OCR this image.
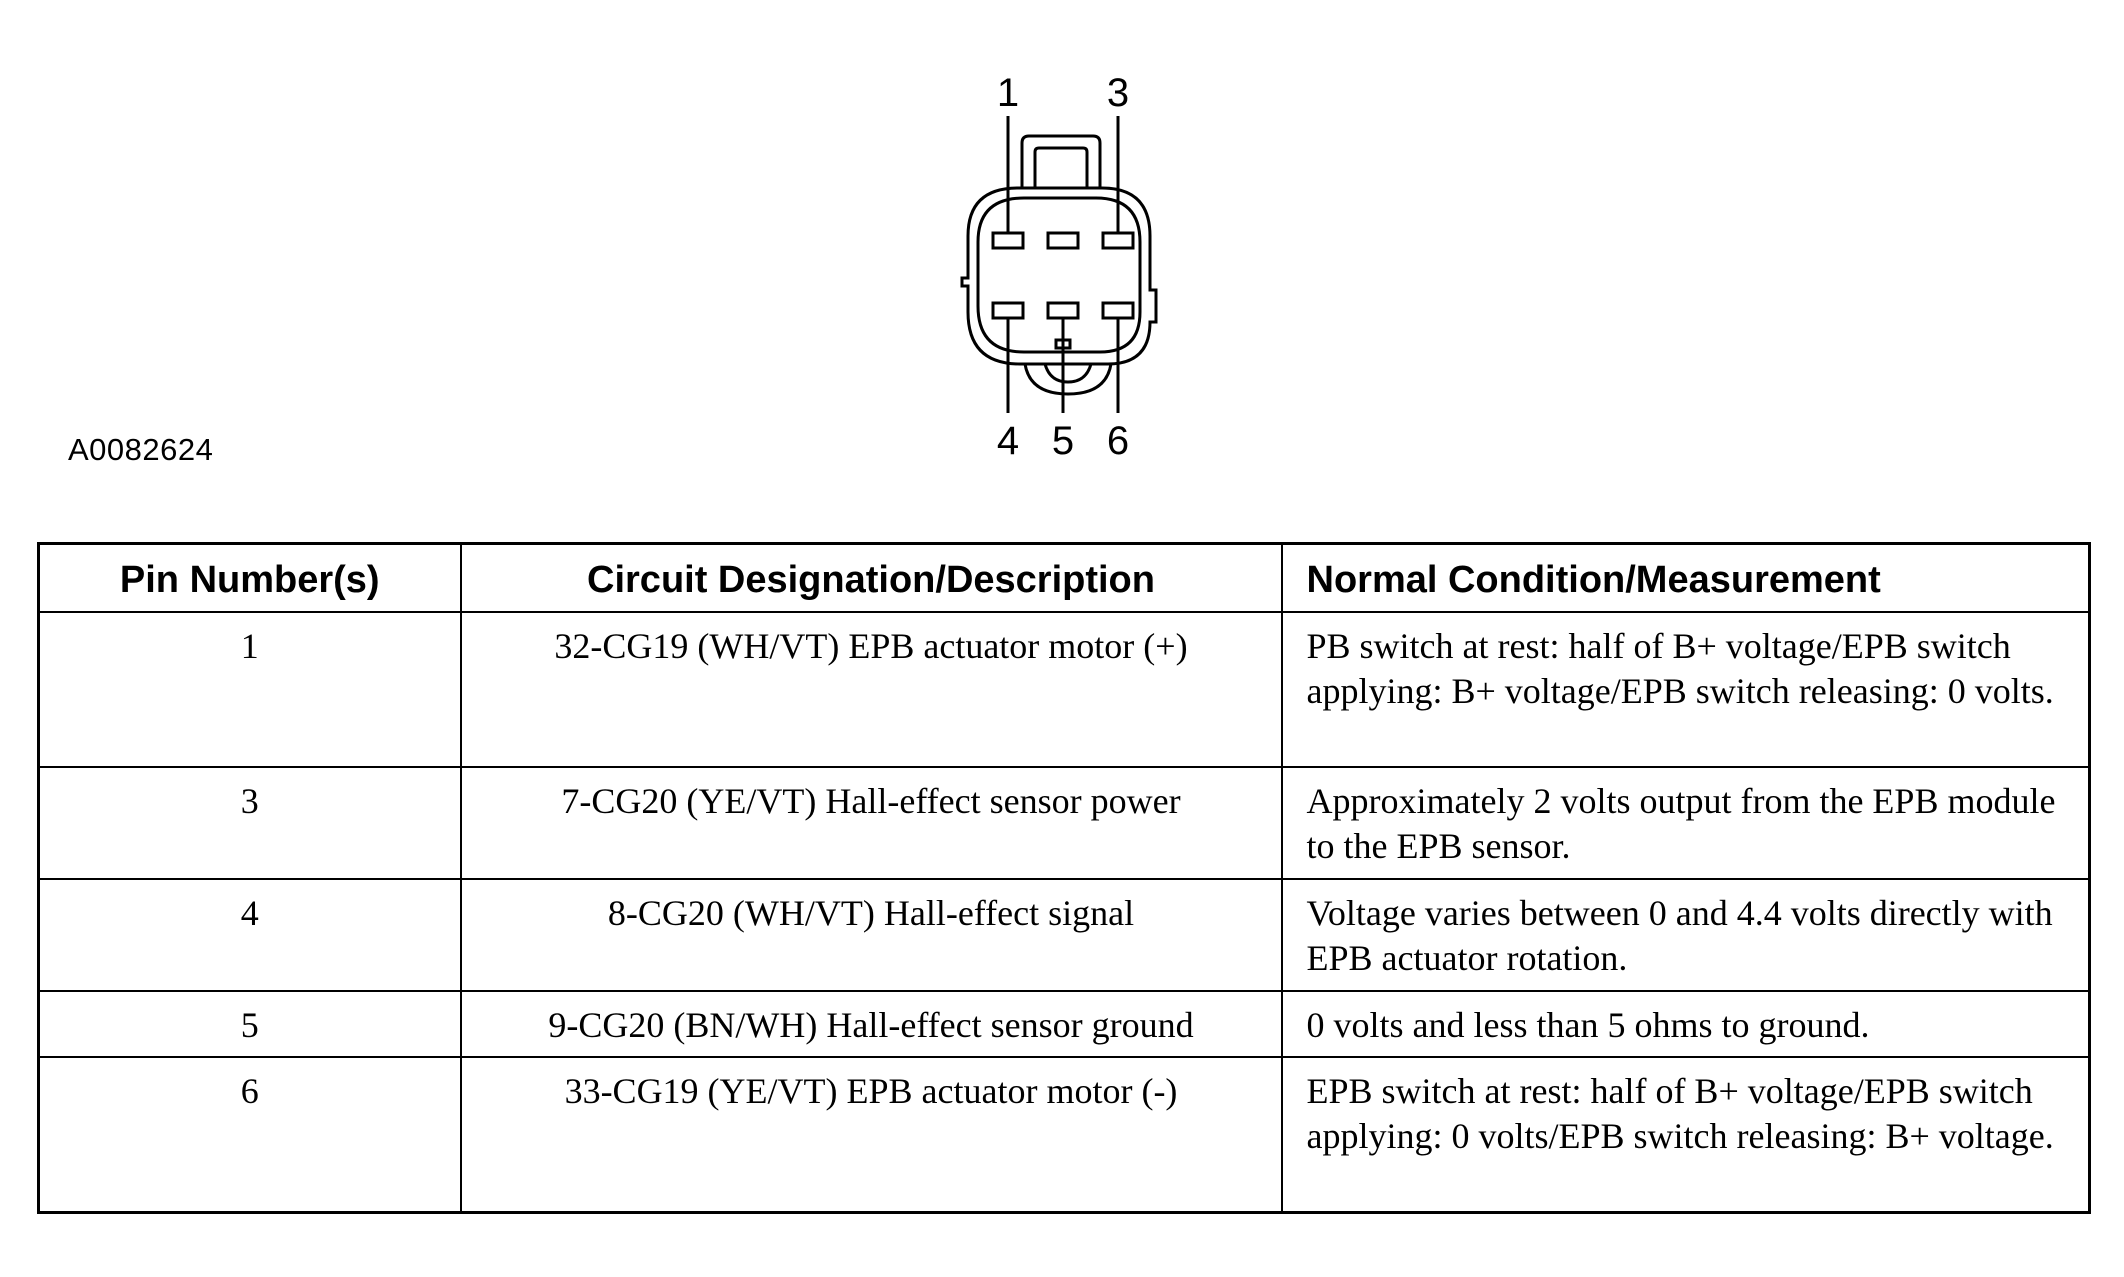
1 3
4 5 6
A0082624
Pin Number(s)	Circuit Designation/Description	Normal Condition/Measurement
1	32-CG19 (WH/VT) EPB actuator motor (+)	PB switch at rest: half of B+ voltage/EPB switch applying: B+ voltage/EPB switch releasing: 0 volts.
3	7-CG20 (YE/VT) Hall-effect sensor power	Approximately 2 volts output from the EPB module to the EPB sensor.
4	8-CG20 (WH/VT) Hall-effect signal	Voltage varies between 0 and 4.4 volts directly with EPB actuator rotation.
5	9-CG20 (BN/WH) Hall-effect sensor ground	0 volts and less than 5 ohms to ground.
6	33-CG19 (YE/VT) EPB actuator motor (-)	EPB switch at rest: half of B+ voltage/EPB switch applying: 0 volts/EPB switch releasing: B+ voltage.
